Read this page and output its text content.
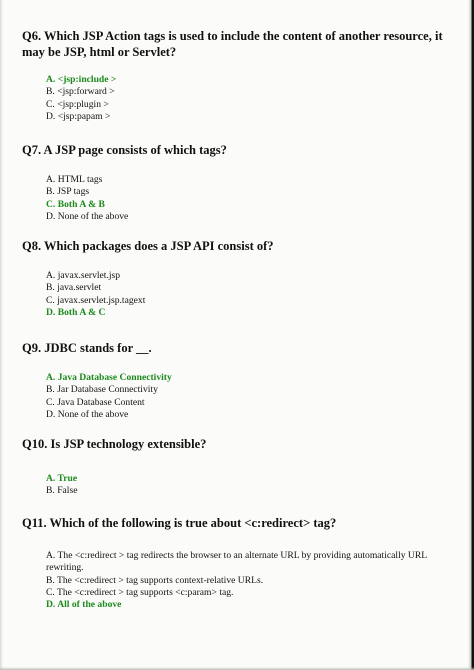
Q6. Which JSP Action tags is used to include the content of another resource, it may be JSP, html or Servlet?
A. <jsp:include >
B. <jsp:forward >
C. <jsp:plugin >
D. <jsp:papam >
Q7. A JSP page consists of which tags?
A. HTML tags
B. JSP tags
C. Both A & B
D. None of the above
Q8. Which packages does a JSP API consist of?
A. javax.servlet.jsp
B. java.servlet
C. javax.servlet.jsp.tagext
D. Both A & C
Q9. JDBC stands for __.
A. Java Database Connectivity
B. Jar Database Connectivity
C. Java Database Content
D. None of the above
Q10. Is JSP technology extensible?
A. True
B. False
Q11. Which of the following is true about <c:redirect> tag?
A. The <c:redirect > tag redirects the browser to an alternate URL by providing automatically URL rewriting.
B. The <c:redirect > tag supports context-relative URLs.
C. The <c:redirect > tag supports <c:param> tag.
D. All of the above
